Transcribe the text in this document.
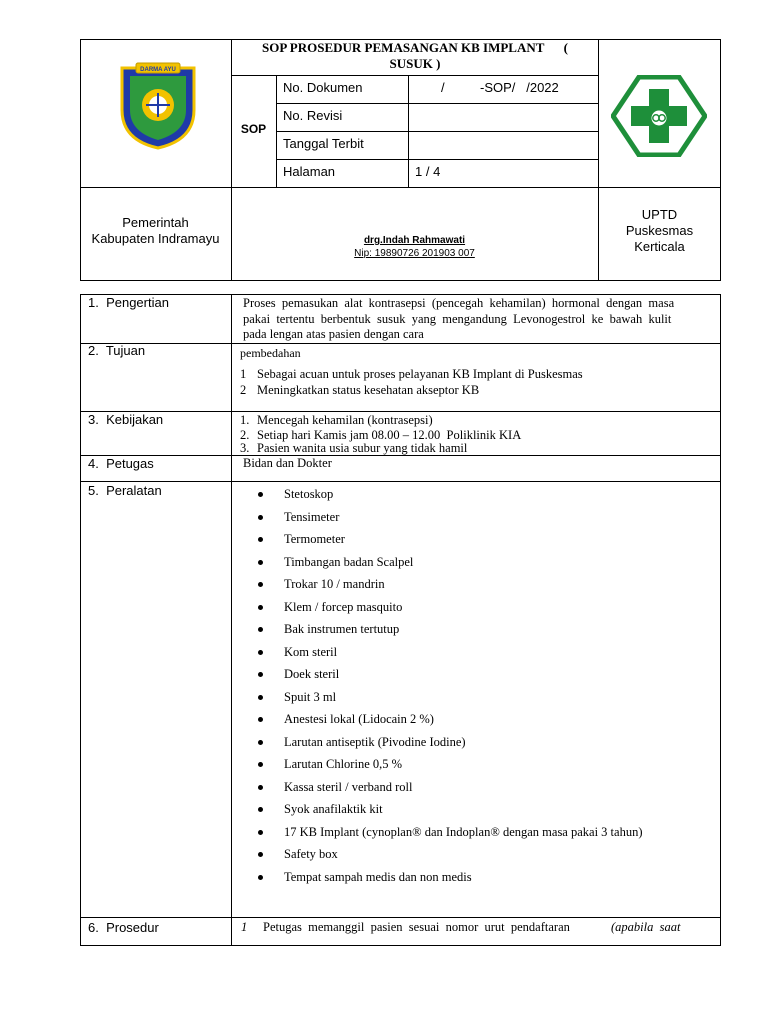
SOP PROSEDUR PEMASANGAN KB IMPLANT      (
SUSUK )
SOP
No. Dokumen	/	-SOP/   /2022
No. Revisi
Tanggal Terbit
Halaman	1 / 4
DARMA AYU
Pemerintah
Kabupaten Indramayu	drg.Indah Rahmawati
Nip: 19890726 201903 007
UPTD
Puskesmas
Kerticala
1.  Pengertian	Proses  pemasukan  alat  kontrasepsi  (pencegah  kehamilan)  hormonal  dengan  masa
pakai  tertentu  berbentuk  susuk  yang  mengandung  Levonogestrol  ke  bawah  kulit
pada lengan atas pasien dengan cara
2.  Tujuan	pembedahan
1 Sebagai acuan untuk proses pelayanan KB Implant di Puskesmas
2 Meningkatkan status kesehatan akseptor KB
3.  Kebijakan	1. Mencegah kehamilan (kontrasepsi)
2. Setiap hari Kamis jam 08.00 – 12.00  Poliklinik KIA
3. Pasien wanita usia subur yang tidak hamil
4.  Petugas	Bidan dan Dokter
5.  Peralatan	Stetoskop
Tensimeter
Termometer
Timbangan badan Scalpel
Trokar 10 / mandrin
Klem / forcep masquito
Bak instrumen tertutup
Kom steril
Doek steril
Spuit 3 ml
Anestesi lokal (Lidocain 2 %)
Larutan antiseptik (Pivodine Iodine)
Larutan Chlorine 0,5 %
Kassa steril / verband roll
Syok anafilaktik kit
17 KB Implant (cynoplan® dan Indoplan® dengan masa pakai 3 tahun)
Safety box
Tempat sampah medis dan non medis
6.  Prosedur	1 Petugas  memanggil  pasien  sesuai  nomor  urut  pendaftaran	(apabila  saat
